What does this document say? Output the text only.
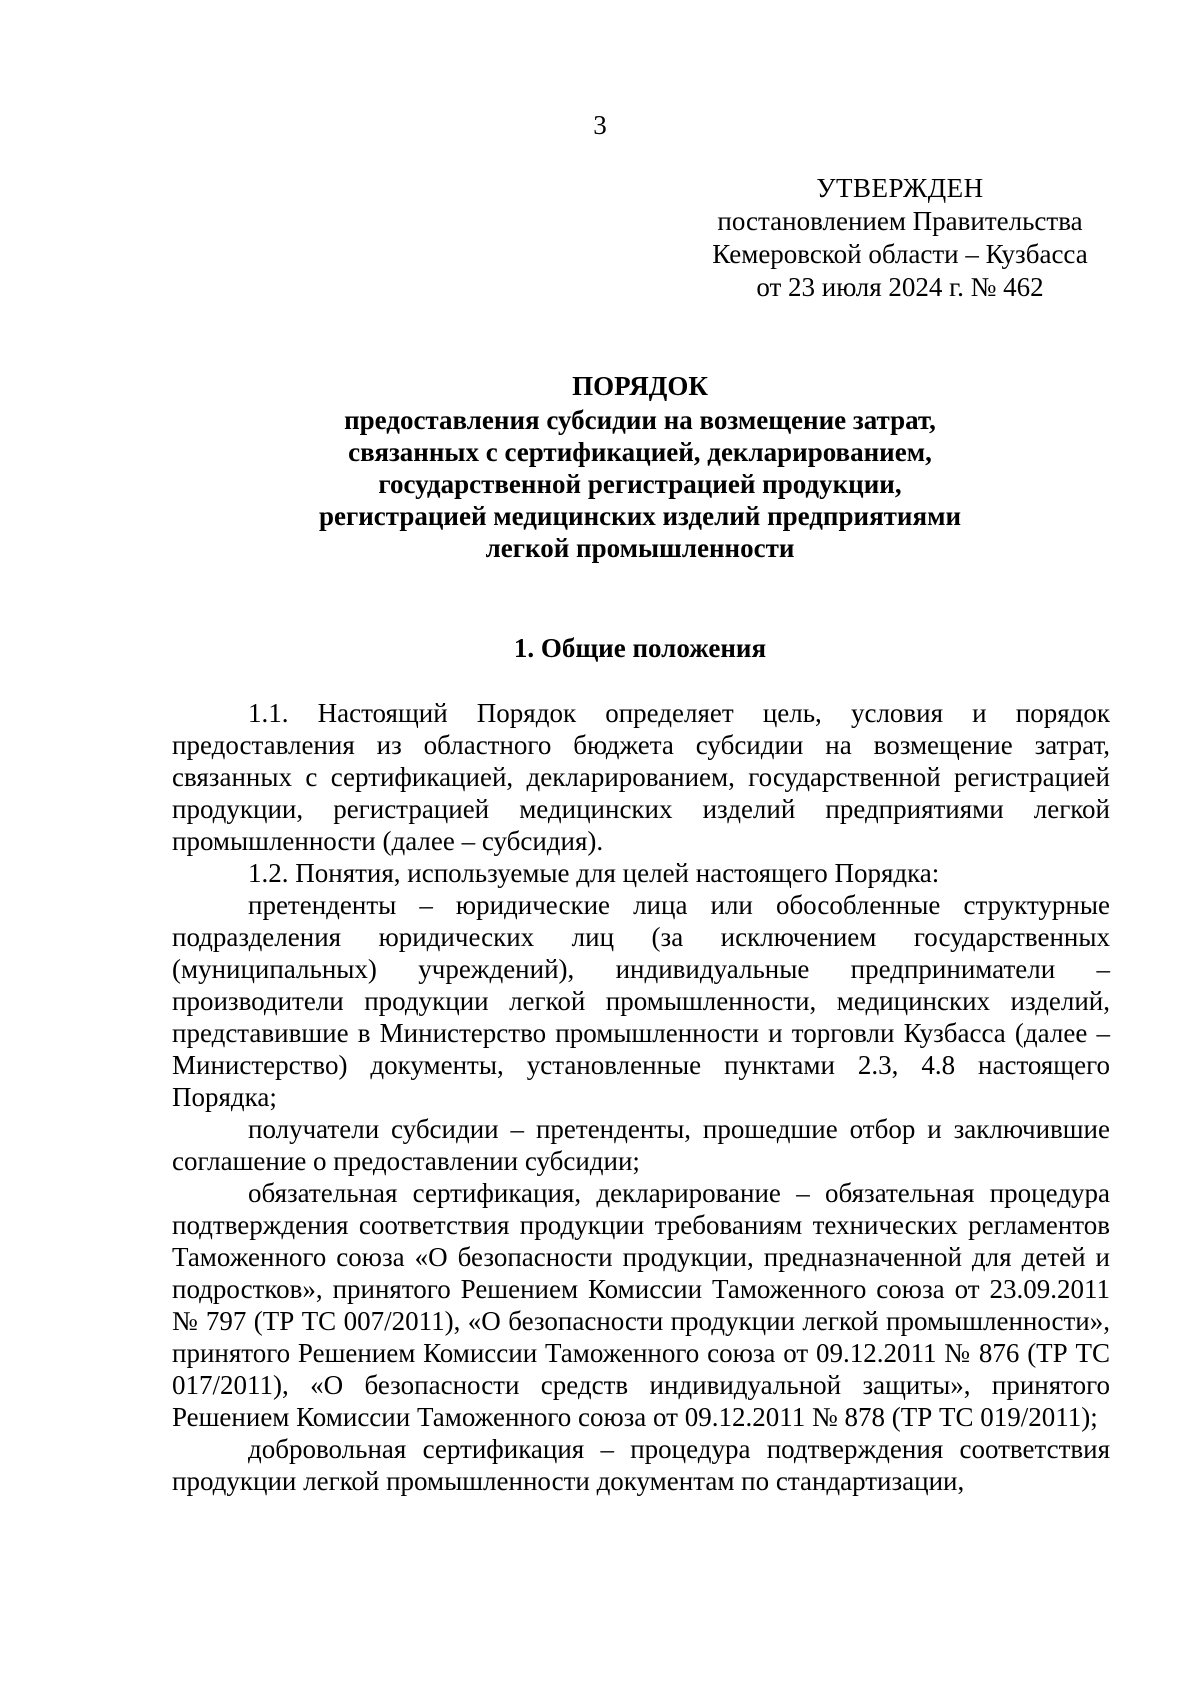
3
УТВЕРЖДЕН
постановлением Правительства
Кемеровской области – Кузбасса
от 23 июля 2024 г. № 462
ПОРЯДОК
предоставления субсидии на возмещение затрат,
связанных с сертификацией, декларированием,
государственной регистрацией продукции,
регистрацией медицинских изделий предприятиями
легкой промышленности
1. Общие положения

1.1. Настоящий Порядок определяет цель, условия и порядок предоставления из областного бюджета субсидии на возмещение затрат, связанных с сертификацией, декларированием, государственной регистрацией продукции, регистрацией медицинских изделий предприятиями легкой промышленности (далее – субсидия).

1.2. Понятия, используемые для целей настоящего Порядка:

претенденты – юридические лица или обособленные структурные подразделения юридических лиц (за исключением государственных (муниципальных) учреждений), индивидуальные предприниматели – производители продукции легкой промышленности, медицинских изделий, представившие в Министерство промышленности и торговли Кузбасса (далее – Министерство) документы, установленные пунктами 2.3, 4.8 настоящего Порядка;

получатели субсидии – претенденты, прошедшие отбор и заключившие соглашение о предоставлении субсидии;

обязательная сертификация, декларирование – обязательная процедура подтверждения соответствия продукции требованиям технических регламентов Таможенного союза «О безопасности продукции, предназначенной для детей и подростков», принятого Решением Комиссии Таможенного союза от 23.09.2011 № 797 (ТР ТС 007/2011), «О безопасности продукции легкой промышленности», принятого Решением Комиссии Таможенного союза от 09.12.2011 № 876 (ТР ТС 017/2011), «О безопасности средств индивидуальной защиты», принятого Решением Комиссии Таможенного союза от 09.12.2011 № 878 (ТР ТС 019/2011);

добровольная сертификация – процедура подтверждения соответствия продукции легкой промышленности документам по стандартизации,
